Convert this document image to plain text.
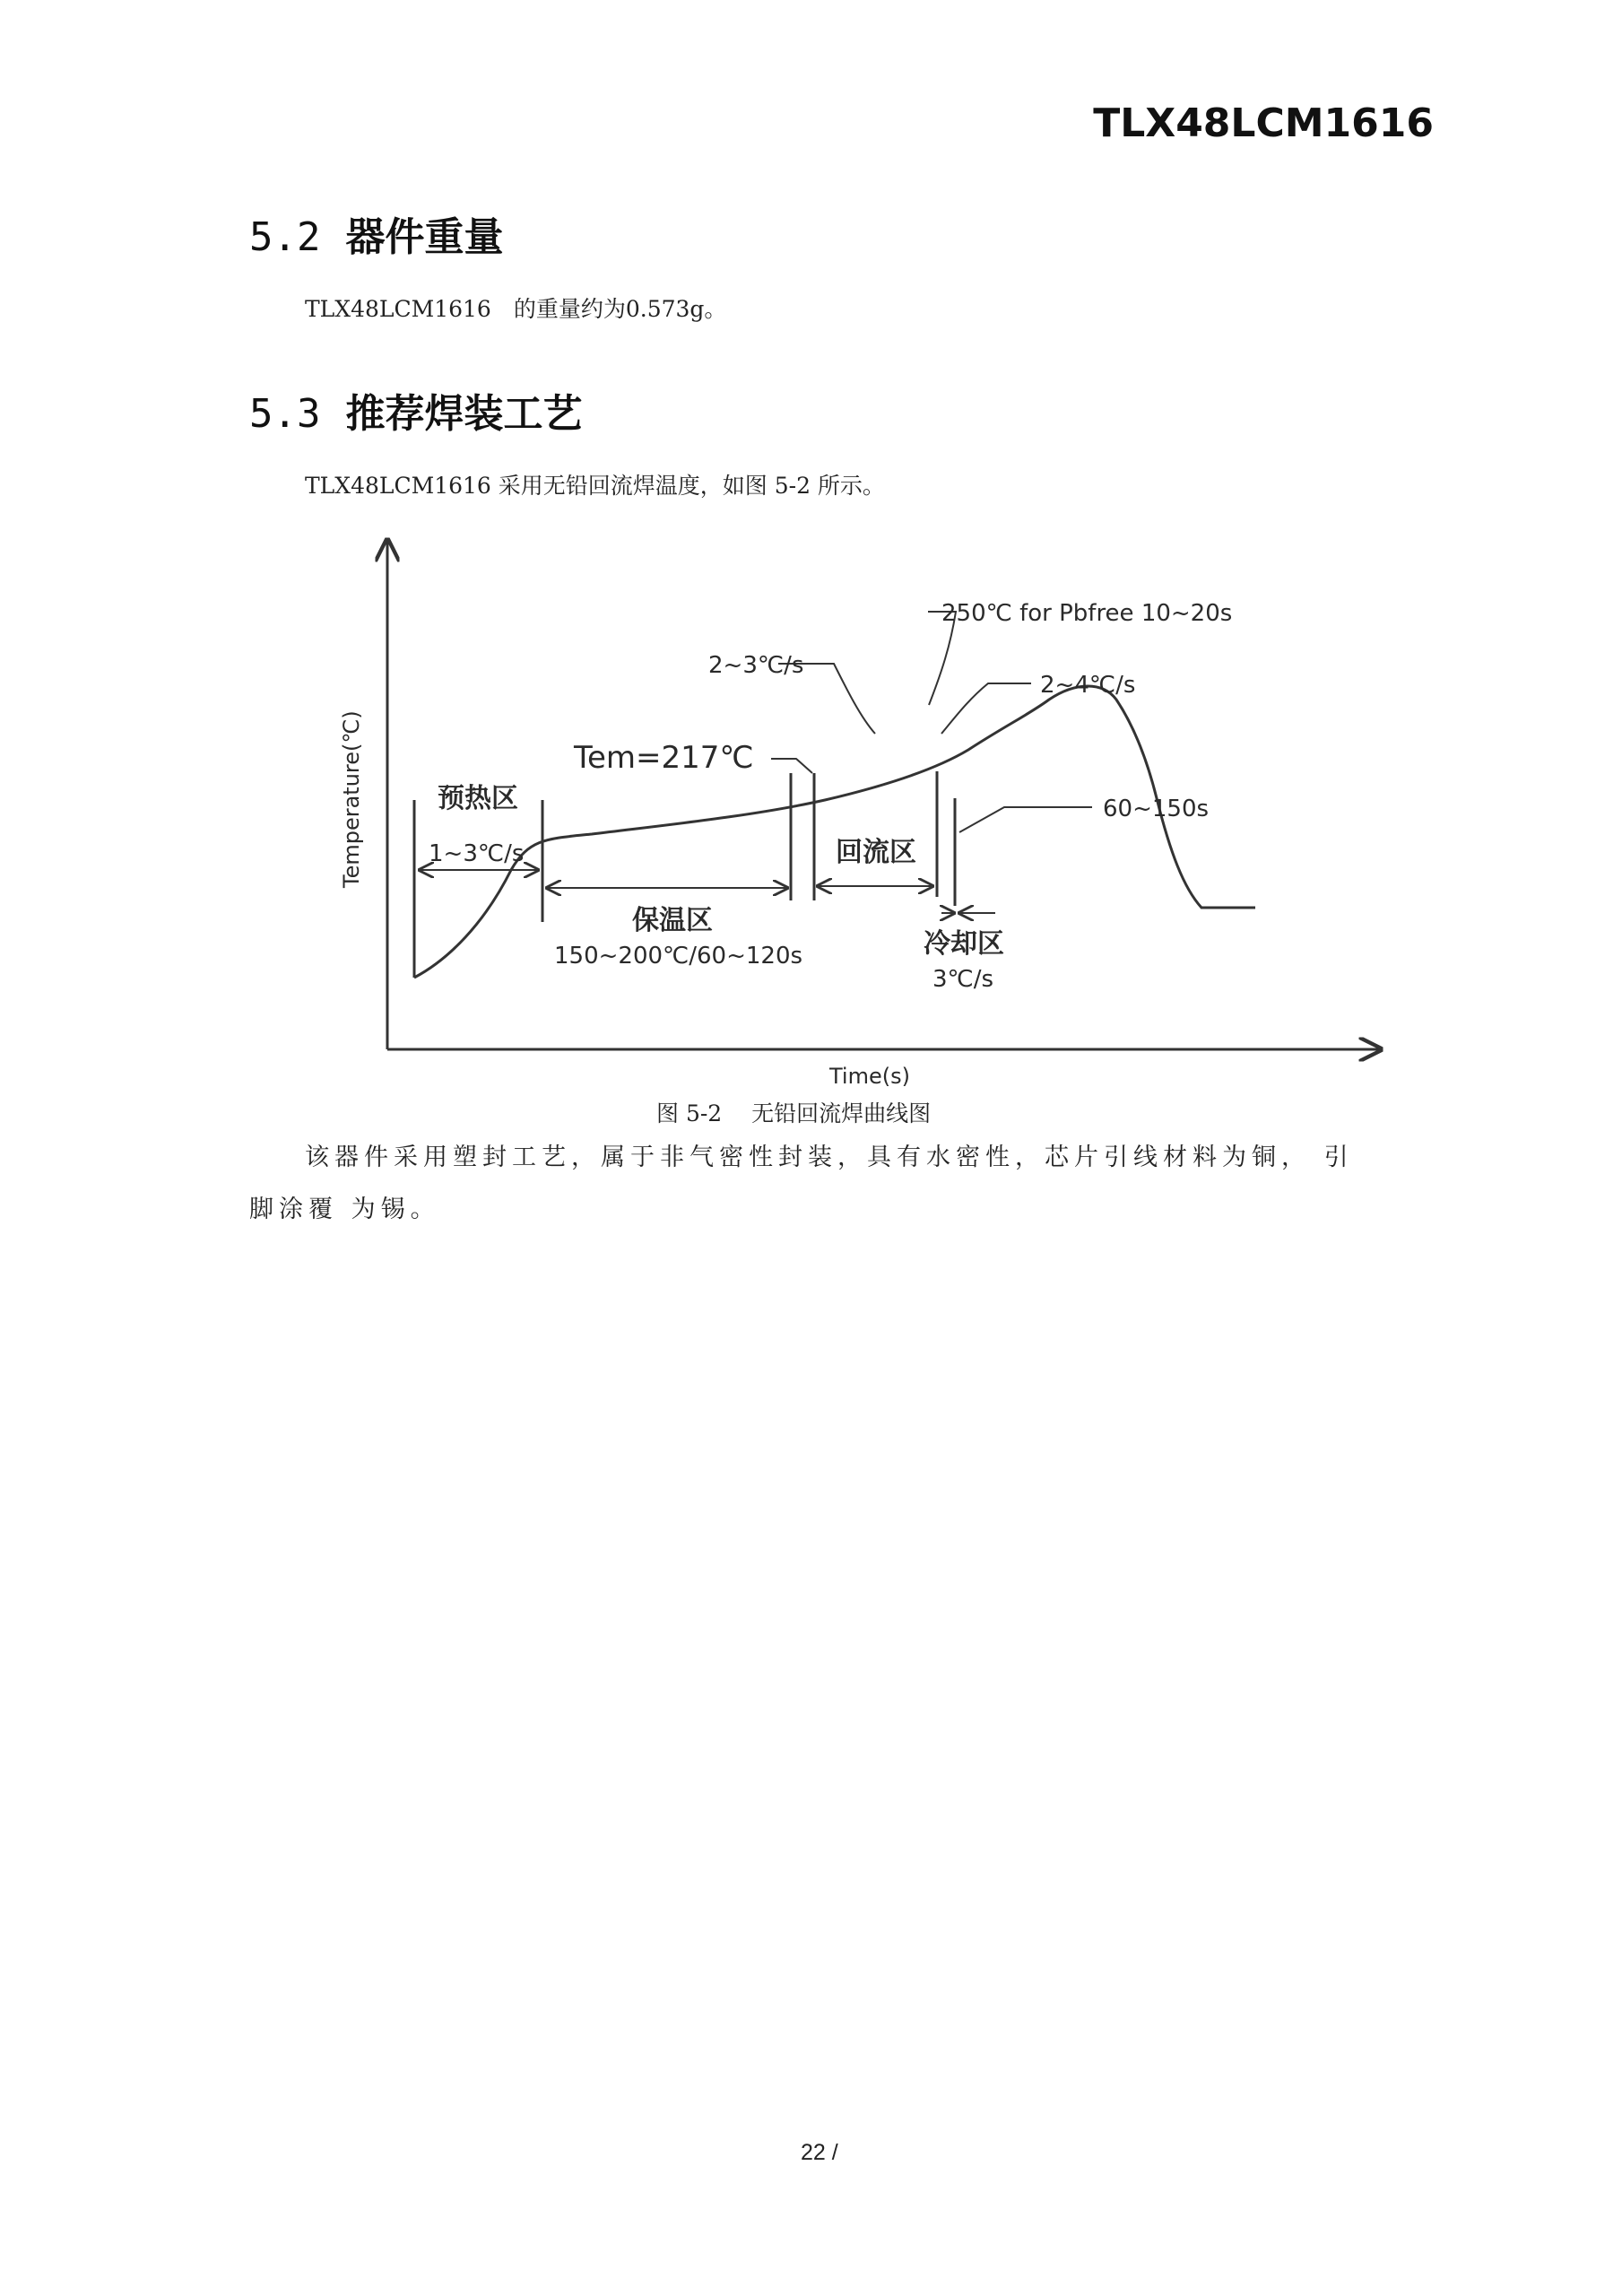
TLX48LCM1616
5.2 器件重量
TLX48LCM1616　的重量约为0.573g。
5.3 推荐焊装工艺
TLX48LCM1616 采用无铅回流焊温度，如图 5-2 所示。
250℃ for Pbfree 10~20s
2~3℃/s
2~4℃/s
Tem=217℃
60~150s
预热区
1~3℃/s
保温区
150~200℃/60~120s
回流区
冷却区
3℃/s
Temperature(℃)
Time(s)
图 5-2　 无铅回流焊曲线图
该器件采用塑封工艺，属于非气密性封装，具有水密性，芯片引线材料为铜， 引脚涂覆 为锡。
22 /
